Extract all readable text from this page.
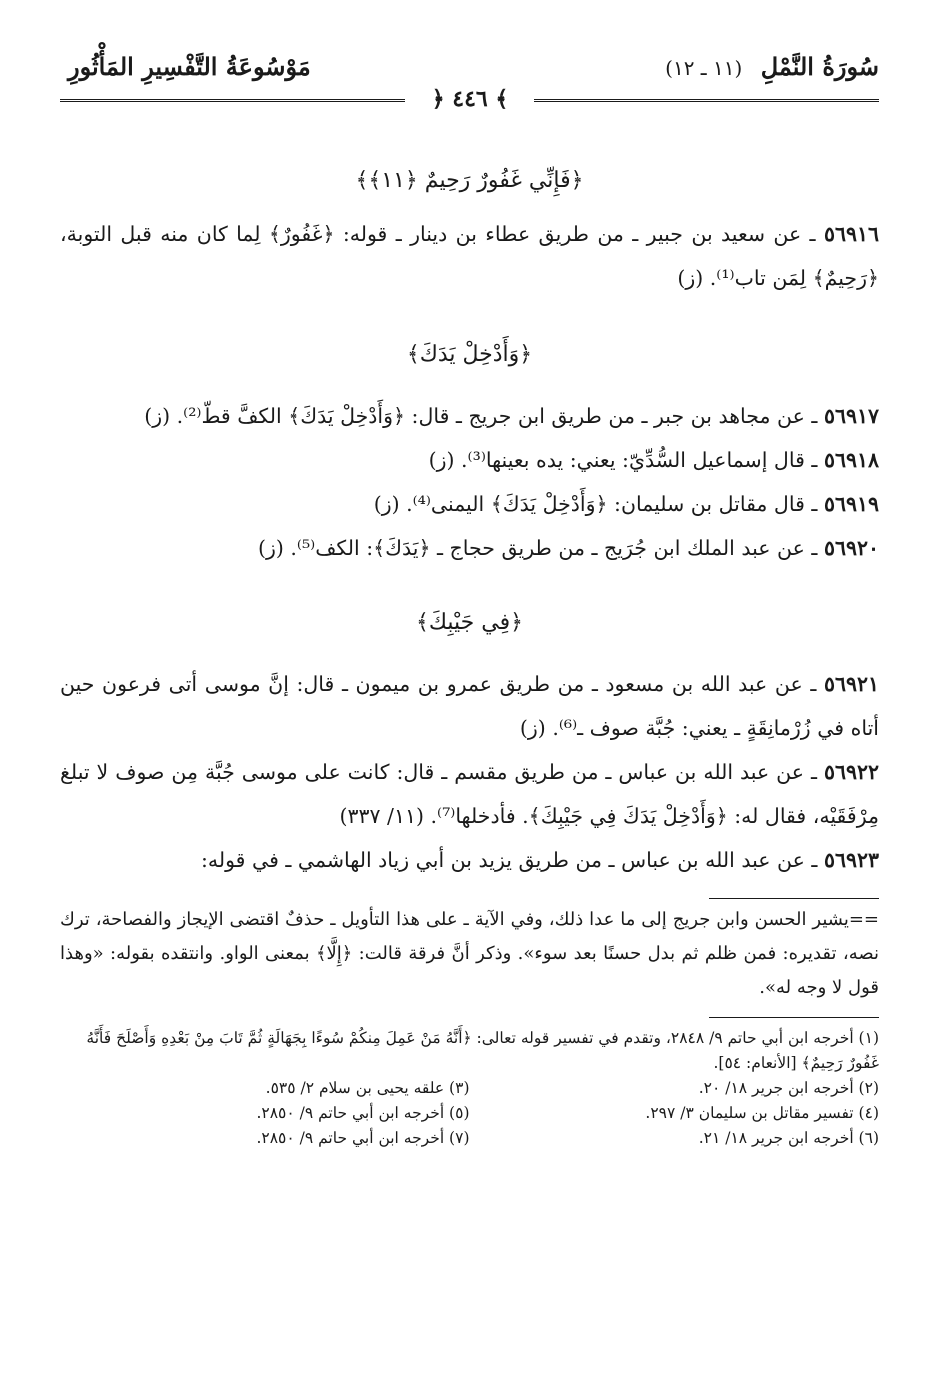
سُورَةُ النَّمْلِ (١١ ـ ١٢)
مَوْسُوعَةُ التَّفْسِيرِ المَأْثُورِ
﴾ ٤٤٦ ﴿

﴿فَإِنِّي غَفُورٌ رَحِيمٌ ﴿١١﴾﴾

٥٦٩١٦ ـ عن سعيد بن جبير ـ من طريق عطاء بن دينار ـ قوله: ﴿غَفُورٌ﴾ لِما كان منه قبل التوبة، ﴿رَحِيمٌ﴾ لِمَن تاب⁽¹⁾. (ز)

﴿وَأَدْخِلْ يَدَكَ﴾

٥٦٩١٧ ـ عن مجاهد بن جبر ـ من طريق ابن جريج ـ قال: ﴿وَأَدْخِلْ يَدَكَ﴾ الكفَّ قطّ⁽²⁾. (ز)

٥٦٩١٨ ـ قال إسماعيل السُّدِّيّ: يعني: يده بعينها⁽³⁾. (ز)

٥٦٩١٩ ـ قال مقاتل بن سليمان: ﴿وَأَدْخِلْ يَدَكَ﴾ اليمنى⁽⁴⁾. (ز)

٥٦٩٢٠ ـ عن عبد الملك ابن جُرَيج ـ من طريق حجاج ـ ﴿يَدَكَ﴾: الكف⁽⁵⁾. (ز)

﴿فِي جَيْبِكَ﴾

٥٦٩٢١ ـ عن عبد الله بن مسعود ـ من طريق عمرو بن ميمون ـ قال: إنَّ موسى أتى فرعون حين أتاه في زُرْمانِقَةٍ ـ يعني: جُبَّة صوف ـ⁽⁶⁾. (ز)

٥٦٩٢٢ ـ عن عبد الله بن عباس ـ من طريق مقسم ـ قال: كانت على موسى جُبَّة مِن صوف لا تبلغ مِرْفَقَيْه، فقال له: ﴿وَأَدْخِلْ يَدَكَ فِي جَيْبِكَ﴾. فأدخلها⁽⁷⁾. (١١/ ٣٣٧)

٥٦٩٢٣ ـ عن عبد الله بن عباس ـ من طريق يزيد بن أبي زياد الهاشمي ـ في قوله:

==يشير الحسن وابن جريج إلى ما عدا ذلك، وفي الآية ـ على هذا التأويل ـ حذفٌ اقتضى الإيجاز والفصاحة، ترك نصه، تقديره: فمن ظلم ثم بدل حسنًا بعد سوء». وذكر أنَّ فرقة قالت: ﴿إِلَّا﴾ بمعنى الواو. وانتقده بقوله: «وهذا قول لا وجه له».

(١) أخرجه ابن أبي حاتم ٩/ ٢٨٤٨، وتقدم في تفسير قوله تعالى: ﴿أَنَّهُ مَنْ عَمِلَ مِنكُمْ سُوءًا بِجَهَالَةٍ ثُمَّ تَابَ مِنْ بَعْدِهِ وَأَصْلَحَ فَأَنَّهُ غَفُورٌ رَحِيمٌ﴾ [الأنعام: ٥٤].

(٢) أخرجه ابن جرير ١٨/ ٢٠.

(٣) علقه يحيى بن سلام ٢/ ٥٣٥.

(٤) تفسير مقاتل بن سليمان ٣/ ٢٩٧.

(٥) أخرجه ابن أبي حاتم ٩/ ٢٨٥٠.

(٦) أخرجه ابن جرير ١٨/ ٢١.

(٧) أخرجه ابن أبي حاتم ٩/ ٢٨٥٠.
